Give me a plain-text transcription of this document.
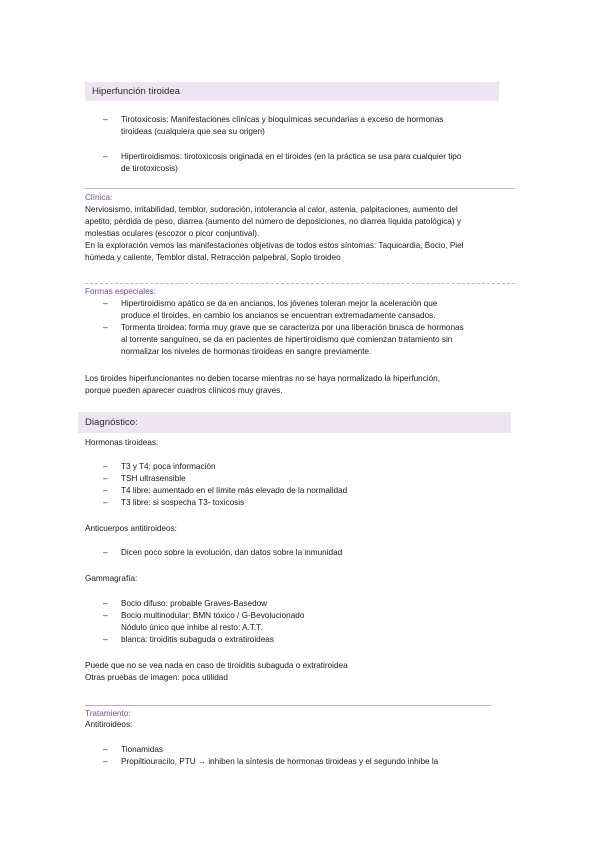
Hiperfunción tiroidea
– Tirotoxicosis: Manifestaciones clínicas y bioquímicas secundarias a exceso de hormonas
tiroideas (cualquiera que sea su origen)
– Hipertiroidismos: tirotoxicosis originada en el tiroides (en la práctica se usa para cualquier tipo
de tirotoxicosis)
Clínica:
Nerviosismo, irritabilidad, temblor, sudoración, intolerancia al calor, astenia, palpitaciones, aumento del
apetito, pérdida de peso, diarrea (aumento del número de deposiciones, no diarrea líquida patológica) y
molestias oculares (escozor o picor conjuntival).
En la exploración vemos las manifestaciones objetivas de todos estos síntomas: Taquicardia, Bocio, Piel
húmeda y caliente, Temblor distal, Retracción palpebral, Soplo tiroideo
Formas especiales:
– Hipertiroidismo apático se da en ancianos, los jóvenes toleran mejor la aceleración que
produce el tiroides, en cambio los ancianos se encuentran extremadamente cansados.
– Tormenta tiroidea: forma muy grave que se caracteriza por una liberación brusca de hormonas
al torrente sanguíneo, se da en pacientes de hipertiroidismo que comienzan tratamiento sin
normalizar los niveles de hormonas tiroideas en sangre previamente.
Los tiroides hiperfuncionantes no deben tocarse mientras no se haya normalizado la hiperfunción,
porque pueden aparecer cuadros clínicos muy graves.
Diagnóstico:
Hormonas tiroideas:
– T3 y T4: poca información
– TSH ultrasensible
– T4 libre: aumentado en el límite más elevado de la normalidad
– T3 libre: si sospecha T3- toxicosis
Anticuerpos antitiroideos:
– Dicen poco sobre la evolución, dan datos sobre la inmunidad
Gammagrafía:
– Bocio difuso: probable Graves-Basedow
– Bocio multinodular: BMN tóxico / G-Bevolucionado
Nódulo único que inhibe al resto: A.T.T.
– blanca: tiroiditis subaguda o extratiroideas
Puede que no se vea nada en caso de tiroiditis subaguda o extratiroidea
Otras pruebas de imagen: poca utilidad
Tratamiento:
Antitiroideos:
– Tionamidas
– Propiltiouracilo, PTU → inhiben la síntesis de hormonas tiroideas y el segundo inhibe la
